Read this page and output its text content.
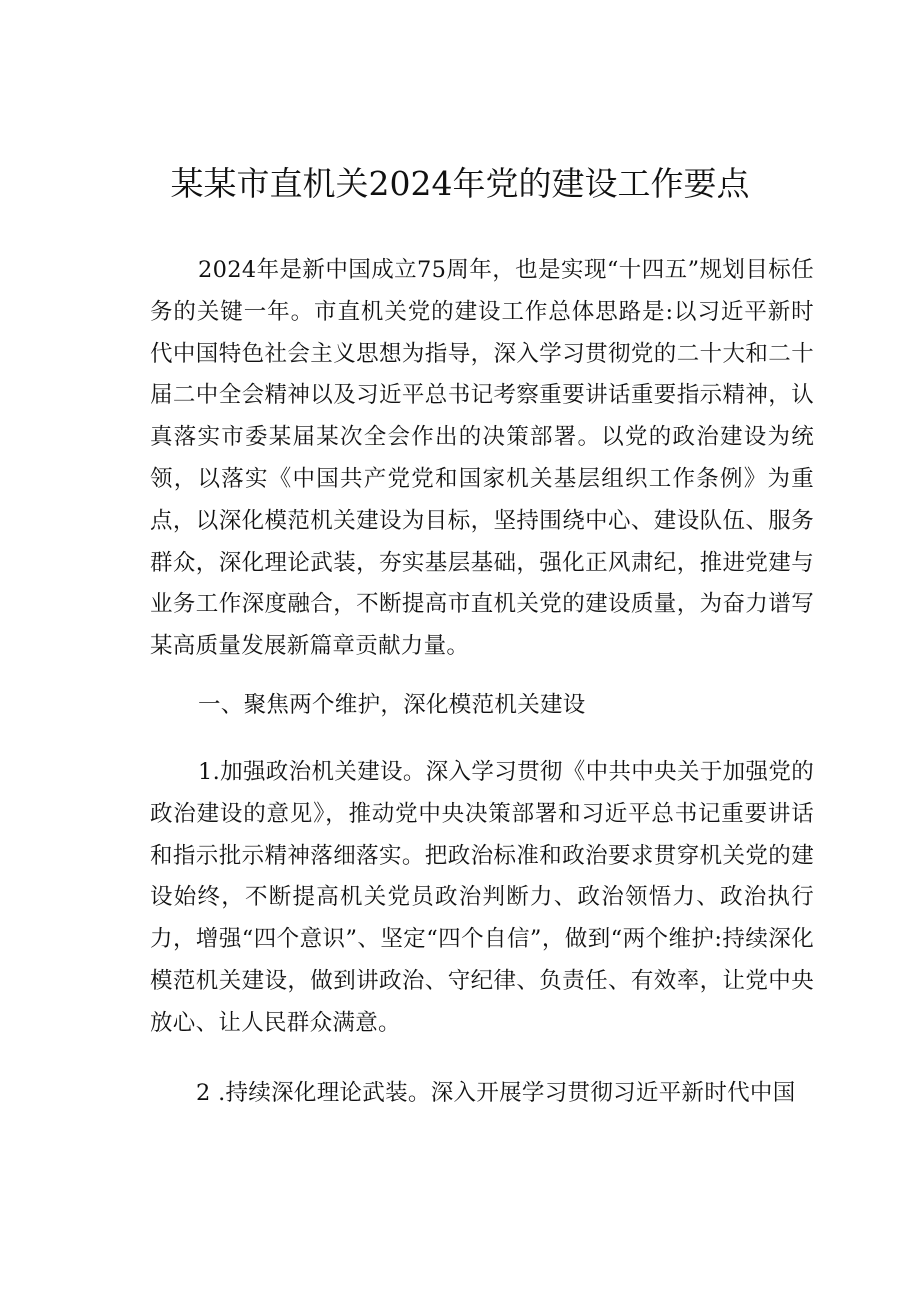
某某市直机关2024年党的建设工作要点

2024年是新中国成立75周年，也是实现“十四五”规划目标任务的关键一年。市直机关党的建设工作总体思路是:以习近平新时代中国特色社会主义思想为指导，深入学习贯彻党的二十大和二十届二中全会精神以及习近平总书记考察重要讲话重要指示精神，认真落实市委某届某次全会作出的决策部署。以党的政治建设为统领，以落实《中国共产党党和国家机关基层组织工作条例》为重点，以深化模范机关建设为目标，坚持围绕中心、建设队伍、服务群众，深化理论武装，夯实基层基础，强化正风肃纪，推进党建与业务工作深度融合，不断提高市直机关党的建设质量，为奋力谱写某高质量发展新篇章贡献力量。

一、聚焦两个维护，深化模范机关建设

1.加强政治机关建设。深入学习贯彻《中共中央关于加强党的政治建设的意见》，推动党中央决策部署和习近平总书记重要讲话和指示批示精神落细落实。把政治标准和政治要求贯穿机关党的建设始终，不断提高机关党员政治判断力、政治领悟力、政治执行力，增强“四个意识”、坚定“四个自信”，做到“两个维护:持续深化模范机关建设，做到讲政治、守纪律、负责任、有效率，让党中央放心、让人民群众满意。

2 .持续深化理论武装。深入开展学习贯彻习近平新时代中国
